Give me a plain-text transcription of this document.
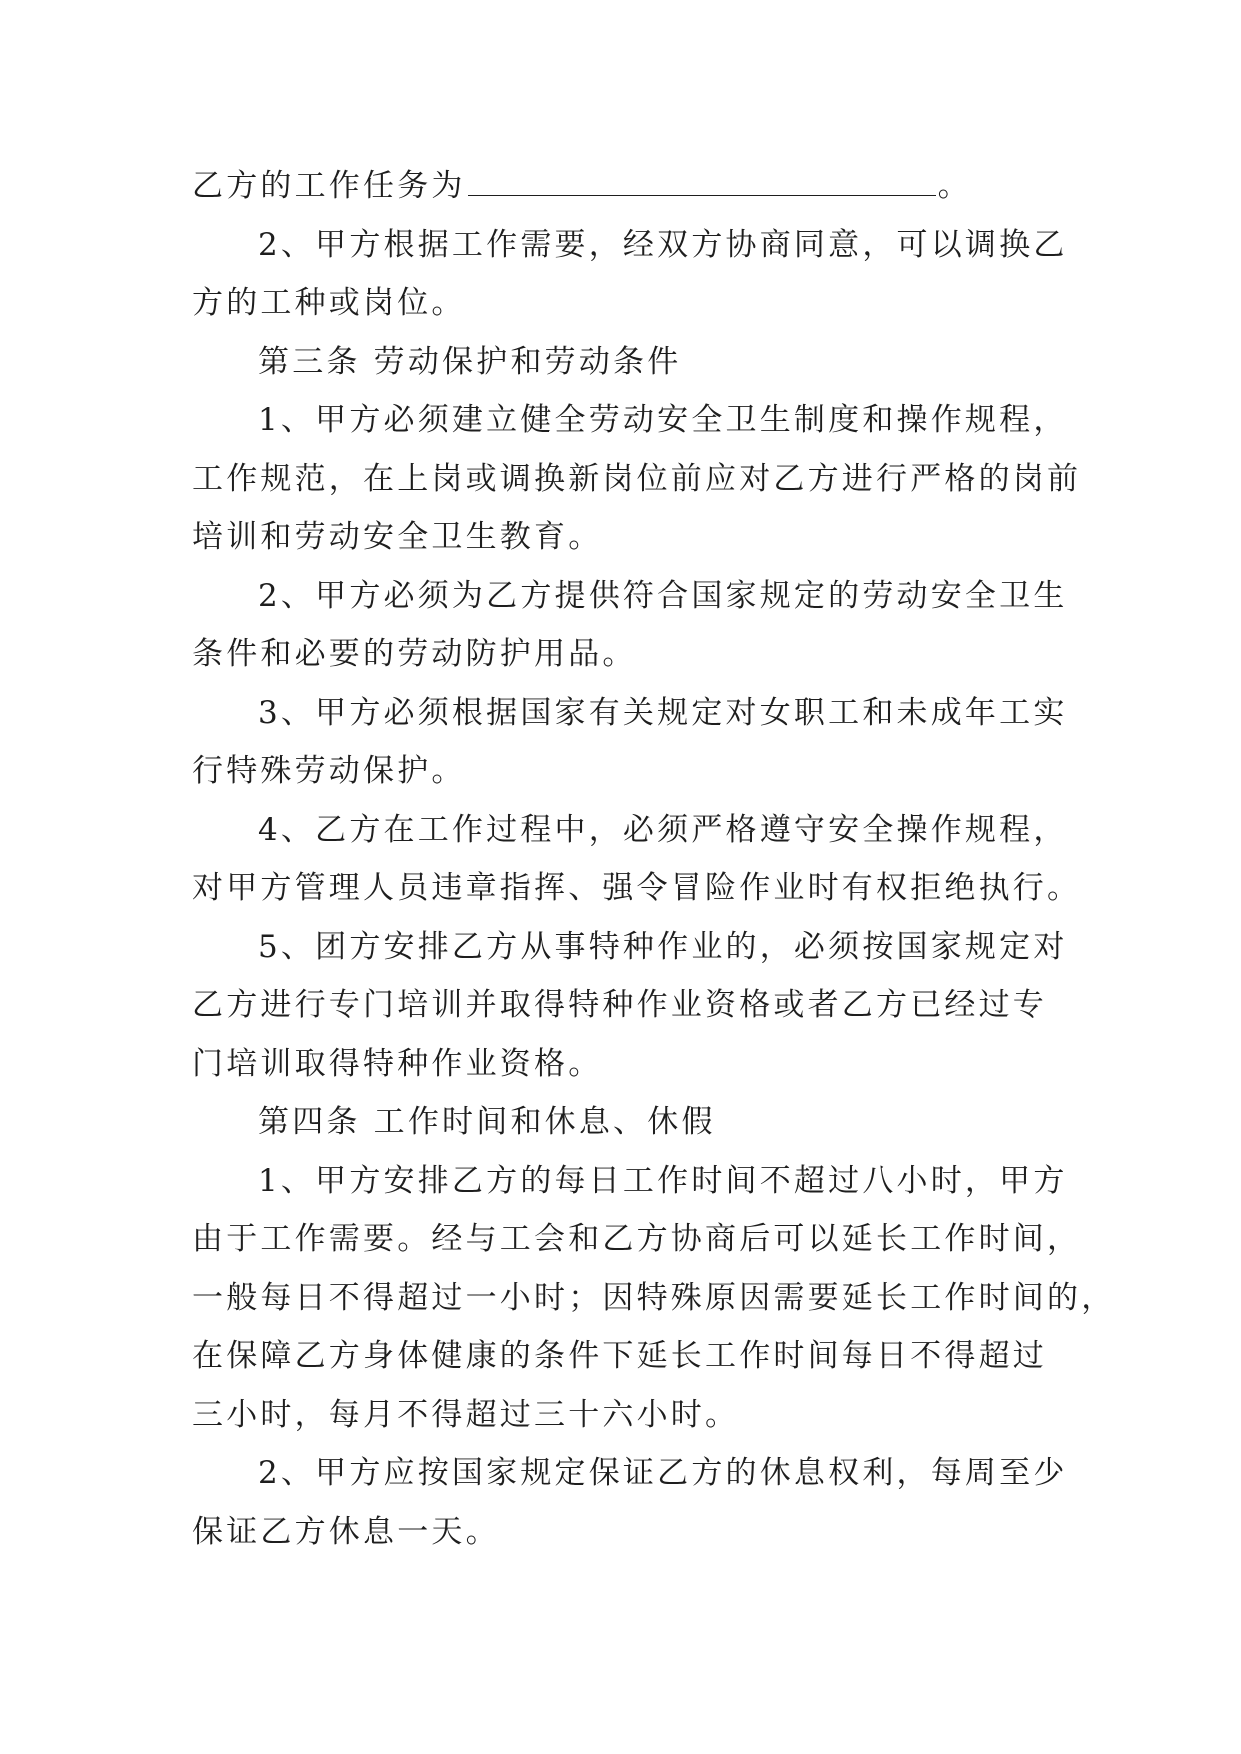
乙方的工作任务为	。
2、甲方根据工作需要，经双方协商同意，可以调换乙
方的工种或岗位。
第三条 劳动保护和劳动条件
1、甲方必须建立健全劳动安全卫生制度和操作规程，
工作规范，在上岗或调换新岗位前应对乙方进行严格的岗前
培训和劳动安全卫生教育。
2、甲方必须为乙方提供符合国家规定的劳动安全卫生
条件和必要的劳动防护用品。
3、甲方必须根据国家有关规定对女职工和未成年工实
行特殊劳动保护。
4、乙方在工作过程中，必须严格遵守安全操作规程，
对甲方管理人员违章指挥、强令冒险作业时有权拒绝执行。
5、团方安排乙方从事特种作业的，必须按国家规定对
乙方进行专门培训并取得特种作业资格或者乙方已经过专
门培训取得特种作业资格。
第四条 工作时间和休息、休假
1、甲方安排乙方的每日工作时间不超过八小时，甲方
由于工作需要。经与工会和乙方协商后可以延长工作时间，
一般每日不得超过一小时；因特殊原因需要延长工作时间的，
在保障乙方身体健康的条件下延长工作时间每日不得超过
三小时，每月不得超过三十六小时。
2、甲方应按国家规定保证乙方的休息权利，每周至少
保证乙方休息一天。
